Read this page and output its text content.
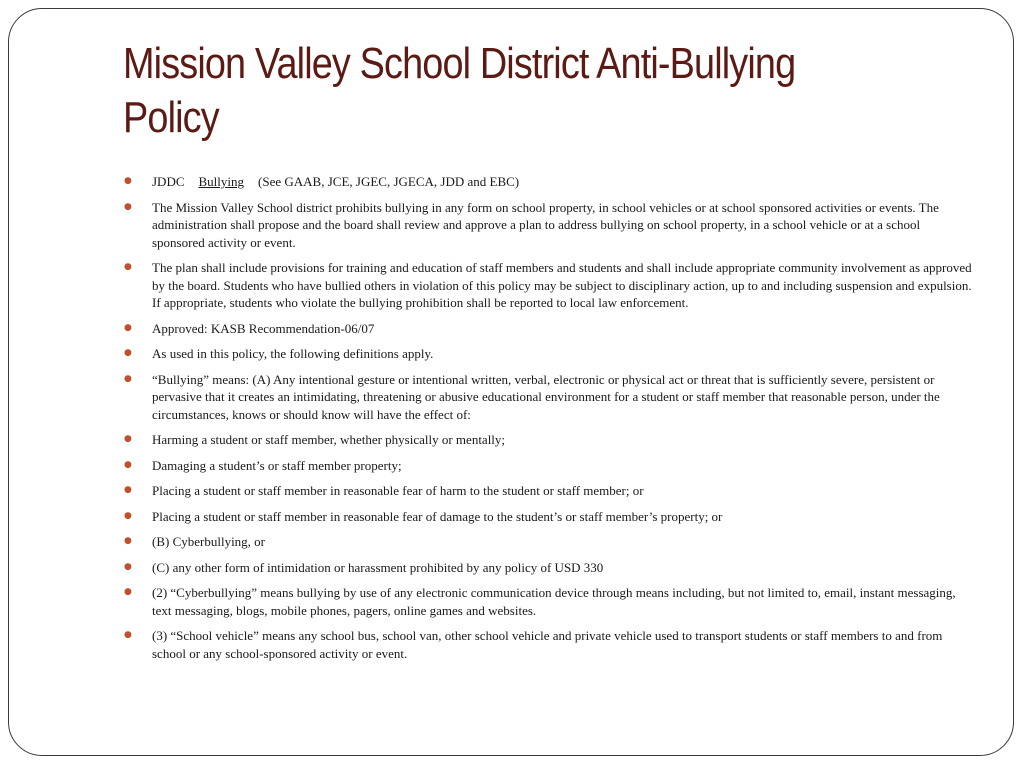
Mission Valley School District Anti-Bullying Policy
● JDDC Bullying (See GAAB, JCE, JGEC, JGECA, JDD and EBC)
● The Mission Valley School district prohibits bullying in any form on school property, in school vehicles or at school sponsored activities or events. The administration shall propose and the board shall review and approve a plan to address bullying on school property, in a school vehicle or at a school sponsored activity or event.
● The plan shall include provisions for training and education of staff members and students and shall include appropriate community involvement as approved by the board. Students who have bullied others in violation of this policy may be subject to disciplinary action, up to and including suspension and expulsion. If appropriate, students who violate the bullying prohibition shall be reported to local law enforcement.
● Approved: KASB Recommendation-06/07
● As used in this policy, the following definitions apply.
● “Bullying” means: (A) Any intentional gesture or intentional written, verbal, electronic or physical act or threat that is sufficiently severe, persistent or pervasive that it creates an intimidating, threatening or abusive educational environment for a student or staff member that reasonable person, under the circumstances, knows or should know will have the effect of:
● Harming a student or staff member, whether physically or mentally;
● Damaging a student’s or staff member property;
● Placing a student or staff member in reasonable fear of harm to the student or staff member; or
● Placing a student or staff member in reasonable fear of damage to the student’s or staff member’s property; or
● (B) Cyberbullying, or
● (C) any other form of intimidation or harassment prohibited by any policy of USD 330
● (2) “Cyberbullying” means bullying by use of any electronic communication device through means including, but not limited to, email, instant messaging, text messaging, blogs, mobile phones, pagers, online games and websites.
● (3) “School vehicle” means any school bus, school van, other school vehicle and private vehicle used to transport students or staff members to and from school or any school-sponsored activity or event.
